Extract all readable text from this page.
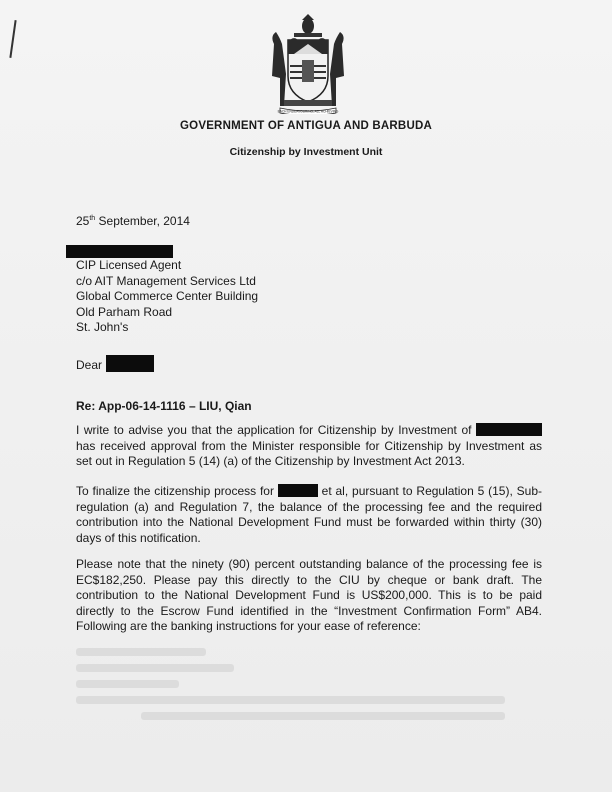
EACH ENDEAVOURING, ALL ACHIEVING
GOVERNMENT OF ANTIGUA AND BARBUDA
Citizenship by Investment Unit
25th September, 2014
CIP Licensed Agent
c/o AIT Management Services Ltd
Global Commerce Center Building
Old Parham Road
St. John's
Dear
Re: App-06-14-1116 – LIU, Qian
I write to advise you that the application for Citizenship by Investment of  has received approval from the Minister responsible for Citizenship by Investment as set out in Regulation 5 (14) (a) of the Citizenship by Investment Act 2013.
To finalize the citizenship process for	et al, pursuant to Regulation 5 (15), Sub-regulation (a) and Regulation 7, the balance of the processing fee and the required contribution into the National Development Fund must be forwarded within thirty (30) days of this notification.
Please note that the ninety (90) percent outstanding balance of the processing fee is EC$182,250. Please pay this directly to the CIU by cheque or bank draft. The contribution to the National Development Fund is US$200,000. This is to be paid directly to the Escrow Fund identified in the “Investment Confirmation Form” AB4. Following are the banking instructions for your ease of reference:
